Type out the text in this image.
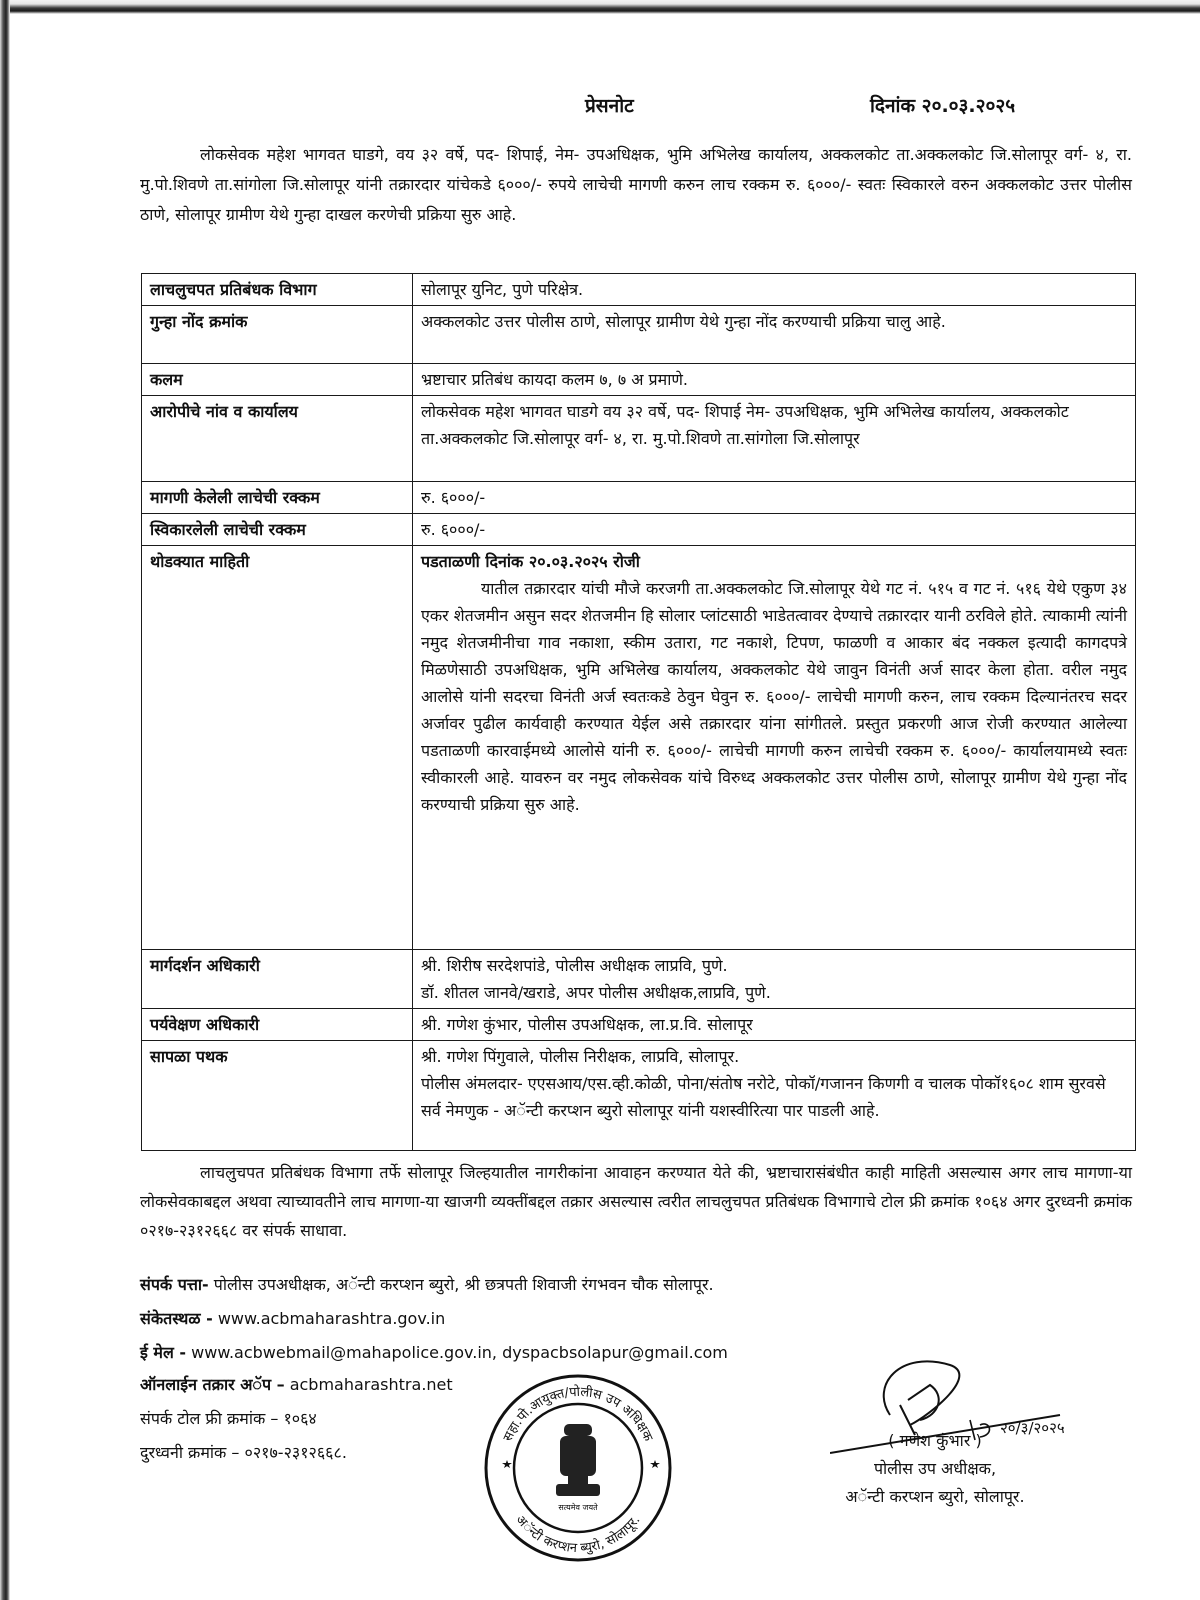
प्रेसनोट	दिनांक २०.०३.२०२५
लोकसेवक महेश भागवत घाडगे, वय ३२ वर्षे, पद- शिपाई, नेम- उपअधिक्षक, भुमि अभिलेख कार्यालय, अक्कलकोट ता.अक्कलकोट जि.सोलापूर वर्ग- ४, रा. मु.पो.शिवणे ता.सांगोला जि.सोलापूर यांनी तक्रारदार यांचेकडे ६०००/- रुपये लाचेची मागणी करुन लाच रक्कम रु. ६०००/- स्वतः स्विकारले वरुन अक्कलकोट उत्तर पोलीस ठाणे, सोलापूर ग्रामीण येथे गुन्हा दाखल करणेची प्रक्रिया सुरु आहे.
लाचलुचपत प्रतिबंधक विभाग	सोलापूर युनिट, पुणे परिक्षेत्र.

गुन्हा नोंद क्रमांक	अक्कलकोट उत्तर पोलीस ठाणे, सोलापूर ग्रामीण येथे गुन्हा नोंद करण्याची प्रक्रिया चालु आहे.

कलम	भ्रष्टाचार प्रतिबंध कायदा कलम ७, ७ अ प्रमाणे.

आरोपीचे नांव व कार्यालय	लोकसेवक महेश भागवत घाडगे वय ३२ वर्षे, पद- शिपाई नेम- उपअधिक्षक, भुमि अभिलेख कार्यालय, अक्कलकोट ता.अक्कलकोट जि.सोलापूर वर्ग- ४, रा. मु.पो.शिवणे ता.सांगोला जि.सोलापूर

मागणी केलेली लाचेची रक्कम	रु. ६०००/-

स्विकारलेली लाचेची रक्कम	रु. ६०००/-

थोडक्यात माहिती	पडताळणी दिनांक २०.०३.२०२५ रोजी
यातील तक्रारदार यांची मौजे करजगी ता.अक्कलकोट जि.सोलापूर येथे गट नं. ५१५ व गट नं. ५१६ येथे एकुण ३४ एकर शेतजमीन असुन सदर शेतजमीन हि सोलार प्लांटसाठी भाडेतत्वावर देण्याचे तक्रारदार यानी ठरविले होते. त्याकामी त्यांनी नमुद शेतजमीनीचा गाव नकाशा, स्कीम उतारा, गट नकाशे, टिपण, फाळणी व आकार बंद नक्कल इत्यादी कागदपत्रे मिळणेसाठी उपअधिक्षक, भुमि अभिलेख कार्यालय, अक्कलकोट येथे जावुन विनंती अर्ज सादर केला होता. वरील नमुद आलोसे यांनी सदरचा विनंती अर्ज स्वतःकडे ठेवुन घेवुन रु. ६०००/- लाचेची मागणी करुन, लाच रक्कम दिल्यानंतरच सदर अर्जावर पुढील कार्यवाही करण्यात येईल असे तक्रारदार यांना सांगीतले. प्रस्तुत प्रकरणी आज रोजी करण्यात आलेल्या पडताळणी कारवाईमध्ये आलोसे यांनी रु. ६०००/- लाचेची मागणी करुन लाचेची रक्कम रु. ६०००/- कार्यालयामध्ये स्वतः स्वीकारली आहे. यावरुन वर नमुद लोकसेवक यांचे विरुध्द अक्कलकोट उत्तर पोलीस ठाणे, सोलापूर ग्रामीण येथे गुन्हा नोंद करण्याची प्रक्रिया सुरु आहे.

मार्गदर्शन अधिकारी	श्री. शिरीष सरदेशपांडे, पोलीस अधीक्षक लाप्रवि, पुणे.
डॉ. शीतल जानवे/खराडे, अपर पोलीस अधीक्षक,लाप्रवि, पुणे.

पर्यवेक्षण अधिकारी	श्री. गणेश कुंभार, पोलीस उपअधिक्षक, ला.प्र.वि. सोलापूर

सापळा पथक	श्री. गणेश पिंगुवाले, पोलीस निरीक्षक, लाप्रवि, सोलापूर.
पोलीस अंमलदार- एएसआय/एस.व्ही.कोळी, पोना/संतोष नरोटे, पोकॉ/गजानन किणगी व चालक पोकॉ१६०८ शाम सुरवसे सर्व नेमणुक - अॅन्टी करप्शन ब्युरो सोलापूर यांनी यशस्वीरित्या पार पाडली आहे.
लाचलुचपत प्रतिबंधक विभागा तर्फे सोलापूर जिल्हयातील नागरीकांना आवाहन करण्यात येते की, भ्रष्टाचारासंबंधीत काही माहिती असल्यास अगर लाच मागणा-या लोकसेवकाबद्दल अथवा त्याच्यावतीने लाच मागणा-या खाजगी व्यक्तींबद्दल तक्रार असल्यास त्वरीत लाचलुचपत प्रतिबंधक विभागाचे टोल फ्री क्रमांक १०६४ अगर दुरध्वनी क्रमांक ०२१७-२३१२६६८ वर संपर्क साधावा.
संपर्क पत्ता- पोलीस उपअधीक्षक, अॅन्टी करप्शन ब्युरो, श्री छत्रपती शिवाजी रंगभवन चौक सोलापूर.
संकेतस्थळ - www.acbmaharashtra.gov.in
ई मेल - www.acbwebmail@mahapolice.gov.in, dyspacbsolapur@gmail.com
ऑनलाईन तक्रार अॅप – acbmaharashtra.net
संपर्क टोल फ्री क्रमांक – १०६४
दुरध्वनी क्रमांक – ०२१७-२३१२६६८.
सत्यमेव जयते
सहा.पो.आयुक्त/पोलीस उप अधिक्षक
अॅन्टी करप्शन ब्युरो, सोलापूर.
२०/३/२०२५
( गणेश कुंभार )
पोलीस उप अधीक्षक,
अॅन्टी करप्शन ब्युरो, सोलापूर.
